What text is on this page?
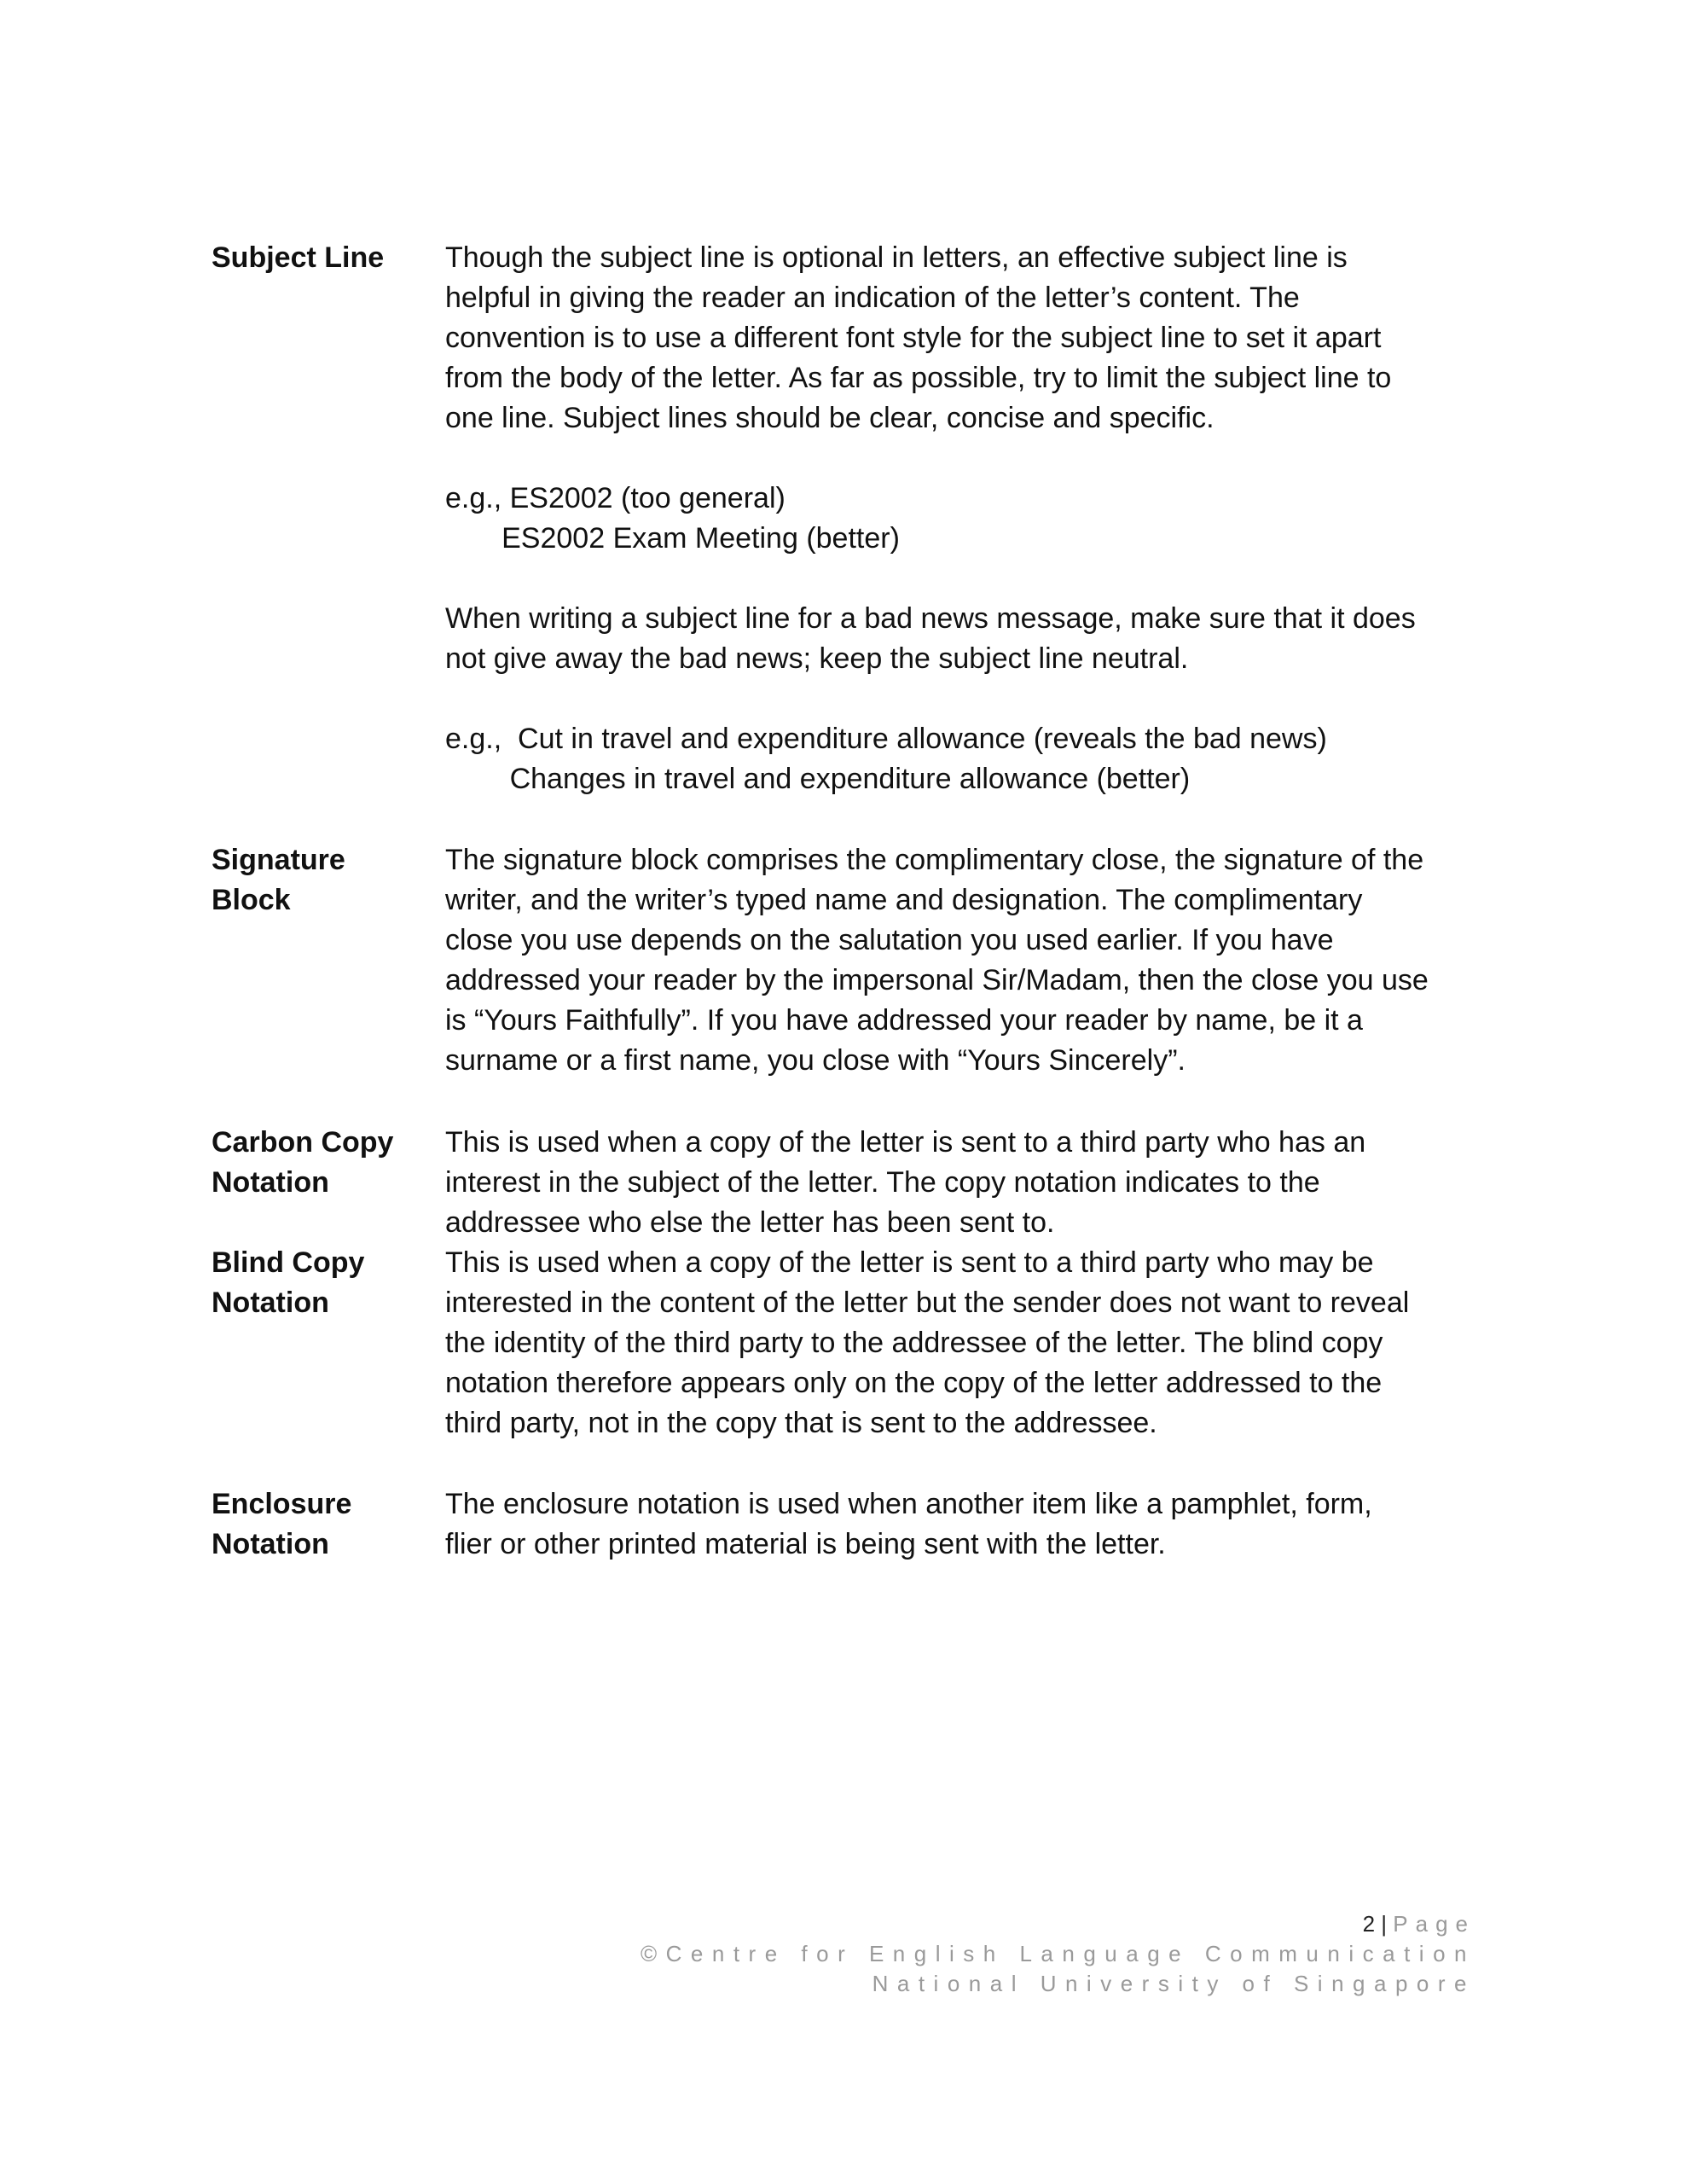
Subject Line	Though the subject line is optional in letters, an effective subject line is
helpful in giving the reader an indication of the letter’s content. The
convention is to use a different font style for the subject line to set it apart
from the body of the letter. As far as possible, try to limit the subject line to
one line. Subject lines should be clear, concise and specific.

e.g., ES2002 (too general)

ES2002 Exam Meeting (better)

When writing a subject line for a bad news message, make sure that it does
not give away the bad news; keep the subject line neutral.

e.g.,  Cut in travel and expenditure allowance (reveals the bad news)

Changes in travel and expenditure allowance (better)

Signature
Block

The signature block comprises the complimentary close, the signature of the
writer, and the writer’s typed name and designation. The complimentary
close you use depends on the salutation you used earlier. If you have
addressed your reader by the impersonal Sir/Madam, then the close you use
is “Yours Faithfully”. If you have addressed your reader by name, be it a
surname or a first name, you close with “Yours Sincerely”.

Carbon Copy
Notation

This is used when a copy of the letter is sent to a third party who has an
interest in the subject of the letter. The copy notation indicates to the
addressee who else the letter has been sent to.

Blind Copy
Notation

This is used when a copy of the letter is sent to a third party who may be
interested in the content of the letter but the sender does not want to reveal
the identity of the third party to the addressee of the letter. The blind copy
notation therefore appears only on the copy of the letter addressed to the
third party, not in the copy that is sent to the addressee.

Enclosure
Notation

The enclosure notation is used when another item like a pamphlet, form,
flier or other printed material is being sent with the letter.

2 | Page
©Centre for English Language Communication
National University of Singapore
